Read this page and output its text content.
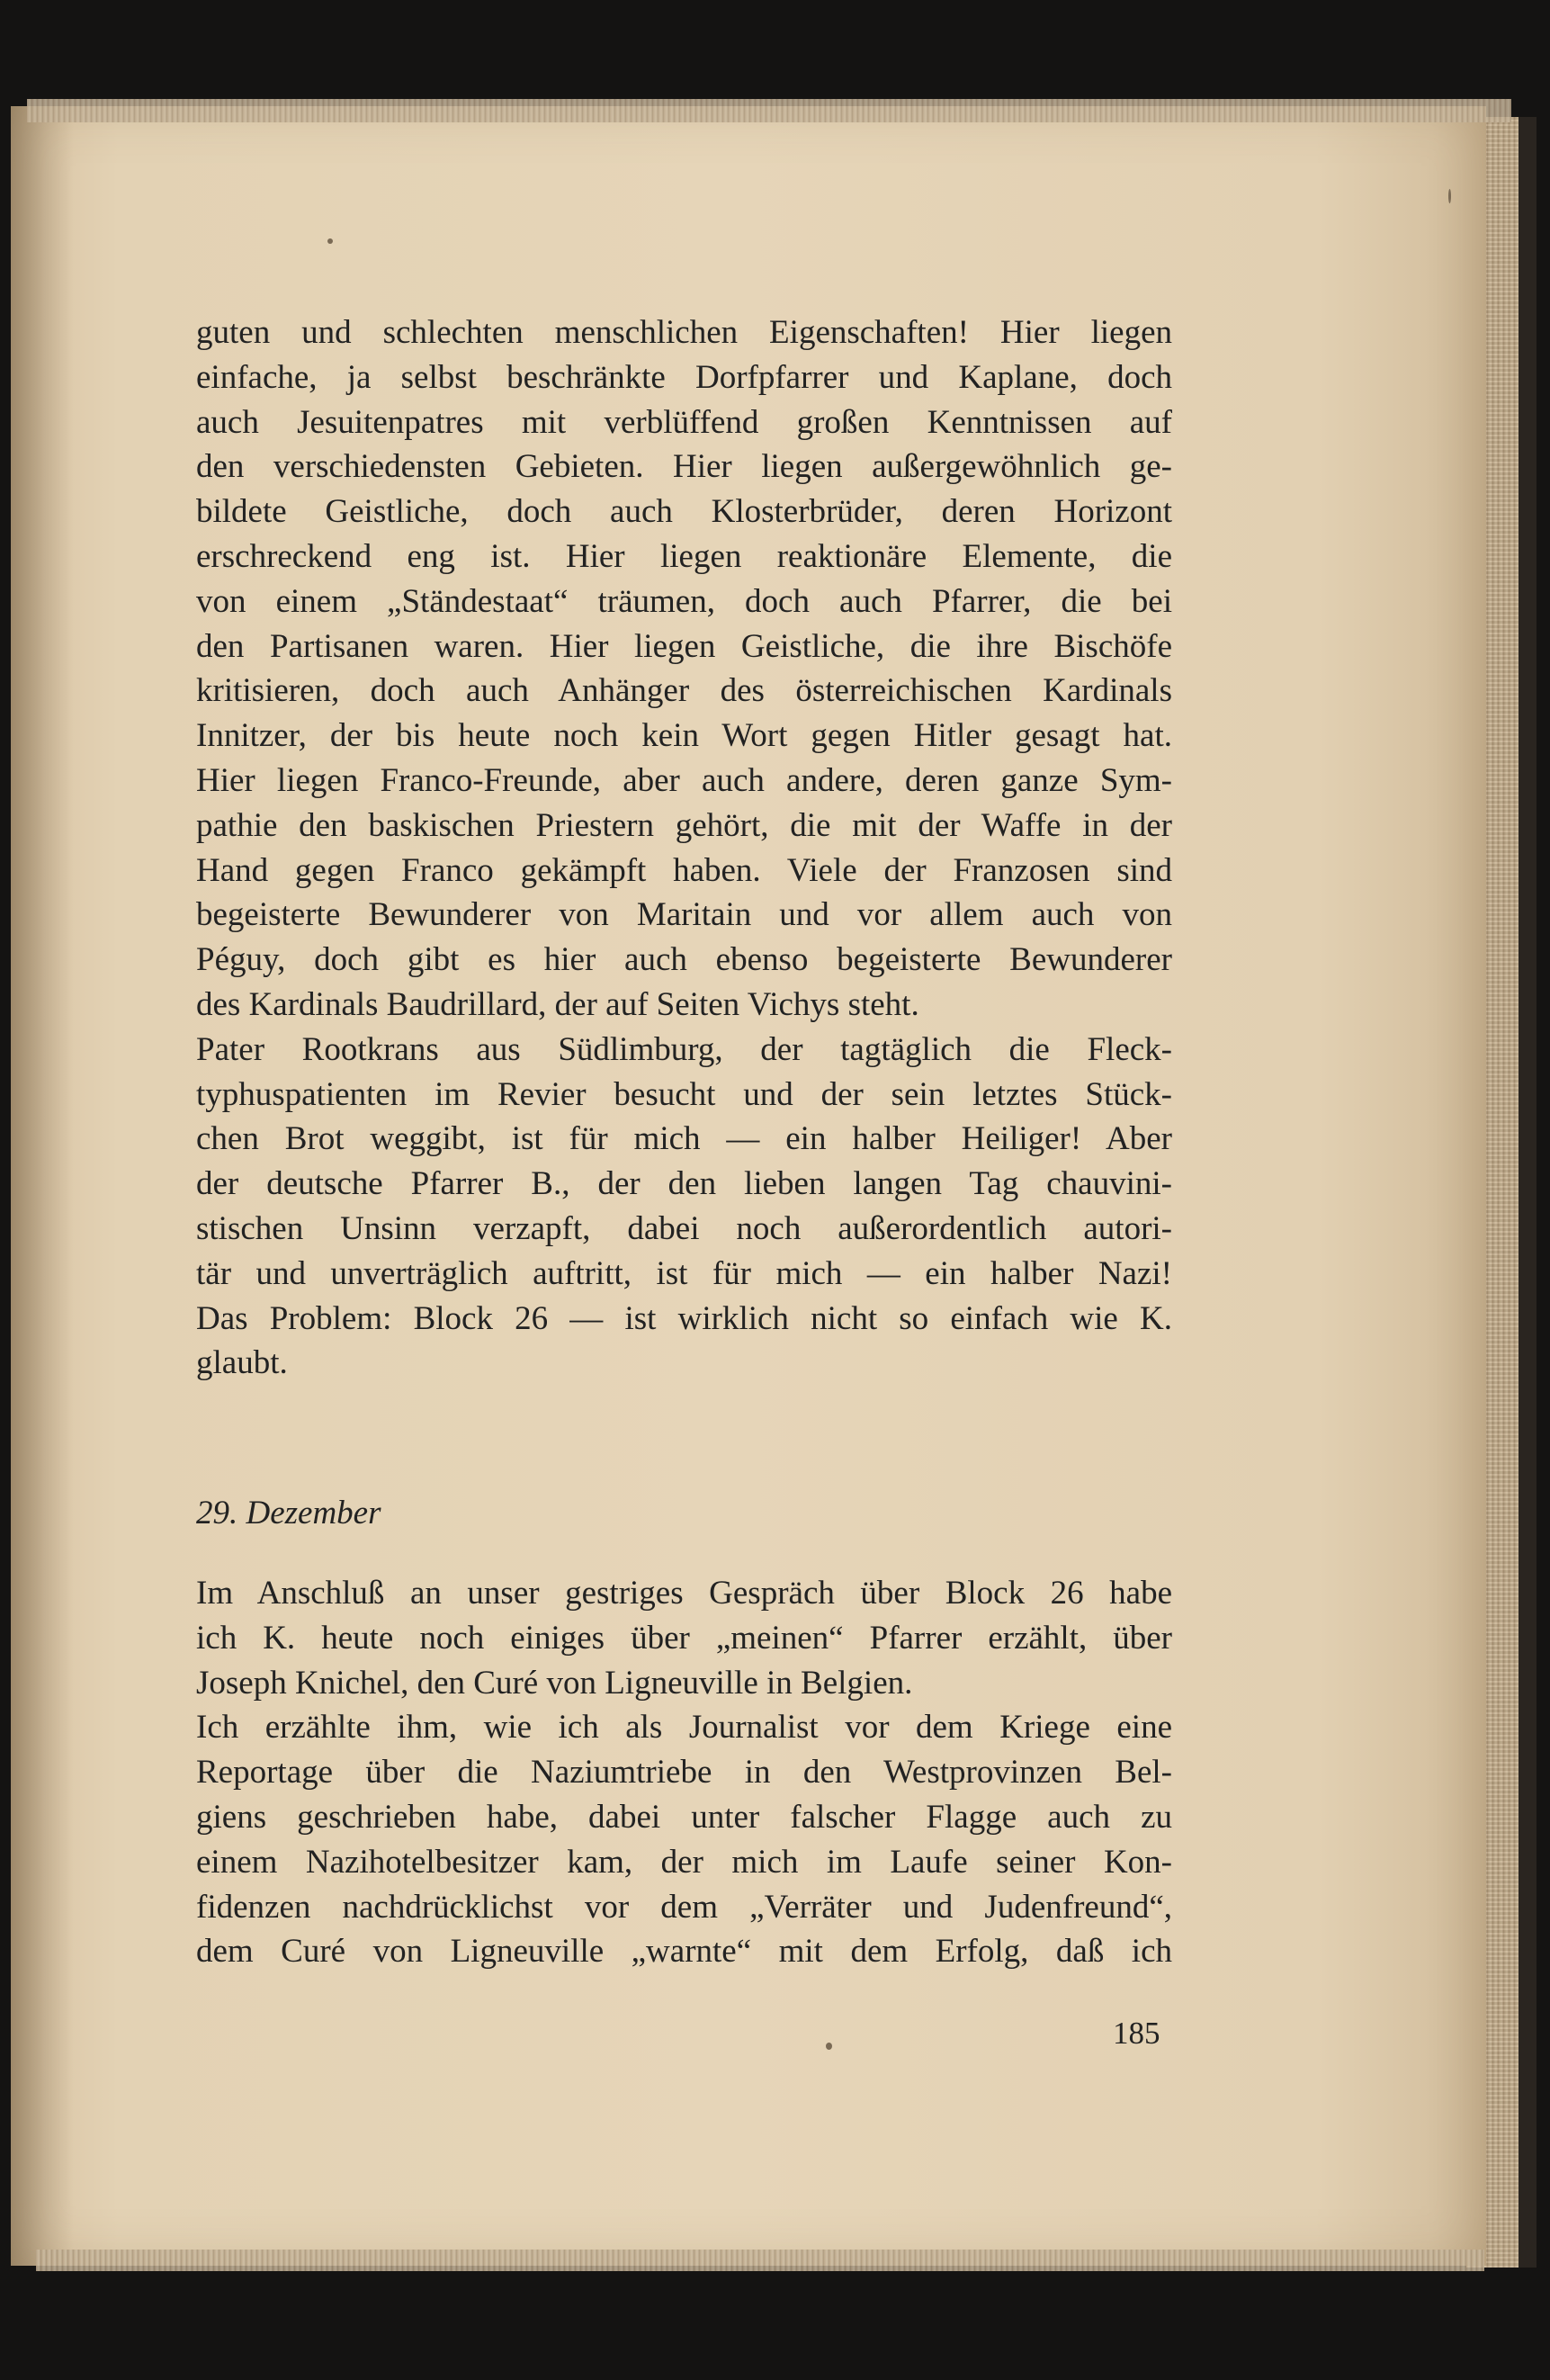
guten und schlechten menschlichen Eigenschaften! Hier liegen
einfache, ja selbst beschränkte Dorfpfarrer und Kaplane, doch
auch Jesuitenpatres mit verblüffend großen Kenntnissen auf
den verschiedensten Gebieten. Hier liegen außergewöhnlich ge-
bildete Geistliche, doch auch Klosterbrüder, deren Horizont
erschreckend eng ist. Hier liegen reaktionäre Elemente, die
von einem „Ständestaat“ träumen, doch auch Pfarrer, die bei
den Partisanen waren. Hier liegen Geistliche, die ihre Bischöfe
kritisieren, doch auch Anhänger des österreichischen Kardinals
Innitzer, der bis heute noch kein Wort gegen Hitler gesagt hat.
Hier liegen Franco-Freunde, aber auch andere, deren ganze Sym-
pathie den baskischen Priestern gehört, die mit der Waffe in der
Hand gegen Franco gekämpft haben. Viele der Franzosen sind
begeisterte Bewunderer von Maritain und vor allem auch von
Péguy, doch gibt es hier auch ebenso begeisterte Bewunderer
des Kardinals Baudrillard, der auf Seiten Vichys steht.
Pater Rootkrans aus Südlimburg, der tagtäglich die Fleck-
typhuspatienten im Revier besucht und der sein letztes Stück-
chen Brot weggibt, ist für mich — ein halber Heiliger! Aber
der deutsche Pfarrer B., der den lieben langen Tag chauvini-
stischen Unsinn verzapft, dabei noch außerordentlich autori-
tär und unverträglich auftritt, ist für mich — ein halber Nazi!
Das Problem: Block 26 — ist wirklich nicht so einfach wie K.
glaubt.
29. Dezember
Im Anschluß an unser gestriges Gespräch über Block 26 habe
ich K. heute noch einiges über „meinen“ Pfarrer erzählt, über
Joseph Knichel, den Curé von Ligneuville in Belgien.
Ich erzählte ihm, wie ich als Journalist vor dem Kriege eine
Reportage über die Naziumtriebe in den Westprovinzen Bel-
giens geschrieben habe, dabei unter falscher Flagge auch zu
einem Nazihotelbesitzer kam, der mich im Laufe seiner Kon-
fidenzen nachdrücklichst vor dem „Verräter und Judenfreund“,
dem Curé von Ligneuville „warnte“ mit dem Erfolg, daß ich
185
